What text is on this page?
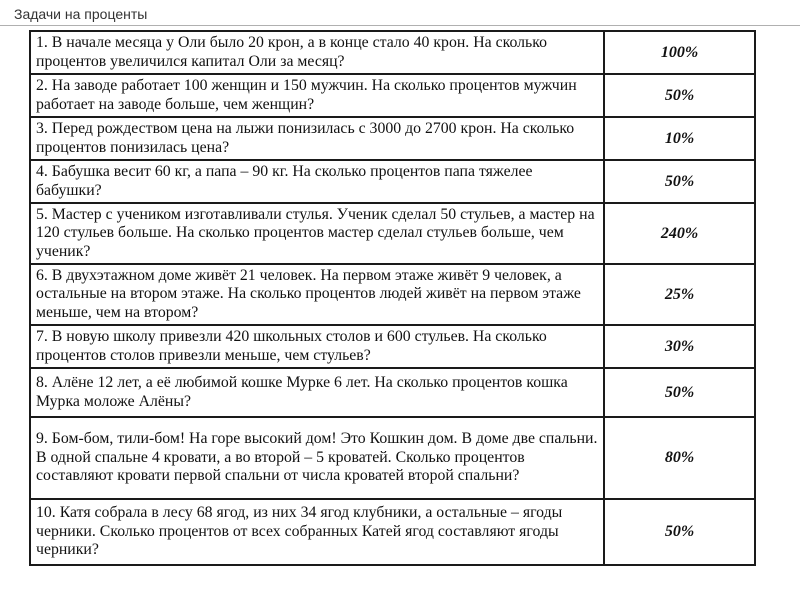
Задачи на проценты
1. В начале месяца у Оли было 20 крон, а в конце стало 40 крон. На сколько процентов увеличился капитал Оли за месяц?	100%
2. На заводе работает 100 женщин и 150 мужчин. На сколько процентов мужчин работает на заводе больше, чем женщин?	50%
3. Перед рождеством цена на лыжи понизилась с 3000 до 2700 крон. На сколько процентов понизилась цена?	10%
4. Бабушка весит 60 кг, а папа – 90 кг. На сколько процентов папа тяжелее бабушки?	50%
5. Мастер с учеником изготавливали стулья. Ученик сделал 50 стульев, а мастер на 120 стульев больше. На сколько процентов мастер сделал стульев больше, чем ученик?	240%
6. В двухэтажном доме живёт 21 человек. На первом этаже живёт 9 человек, а остальные на втором этаже. На сколько процентов людей живёт на первом этаже меньше, чем на втором?	25%
7. В новую школу привезли 420 школьных столов и 600 стульев. На сколько процентов столов привезли меньше, чем стульев?	30%
8. Алёне 12 лет, а её любимой кошке Мурке 6 лет. На сколько процентов кошка Мурка моложе Алёны?	50%
9. Бом-бом, тили-бом! На горе высокий дом! Это Кошкин дом. В доме две спальни. В одной спальне 4 кровати, а во второй – 5 кроватей. Сколько процентов составляют кровати первой спальни от числа кроватей второй спальни?	80%
10. Катя собрала в лесу 68 ягод, из них 34 ягод клубники, а остальные – ягоды черники. Сколько процентов от всех собранных Катей ягод составляют ягоды черники?	50%
